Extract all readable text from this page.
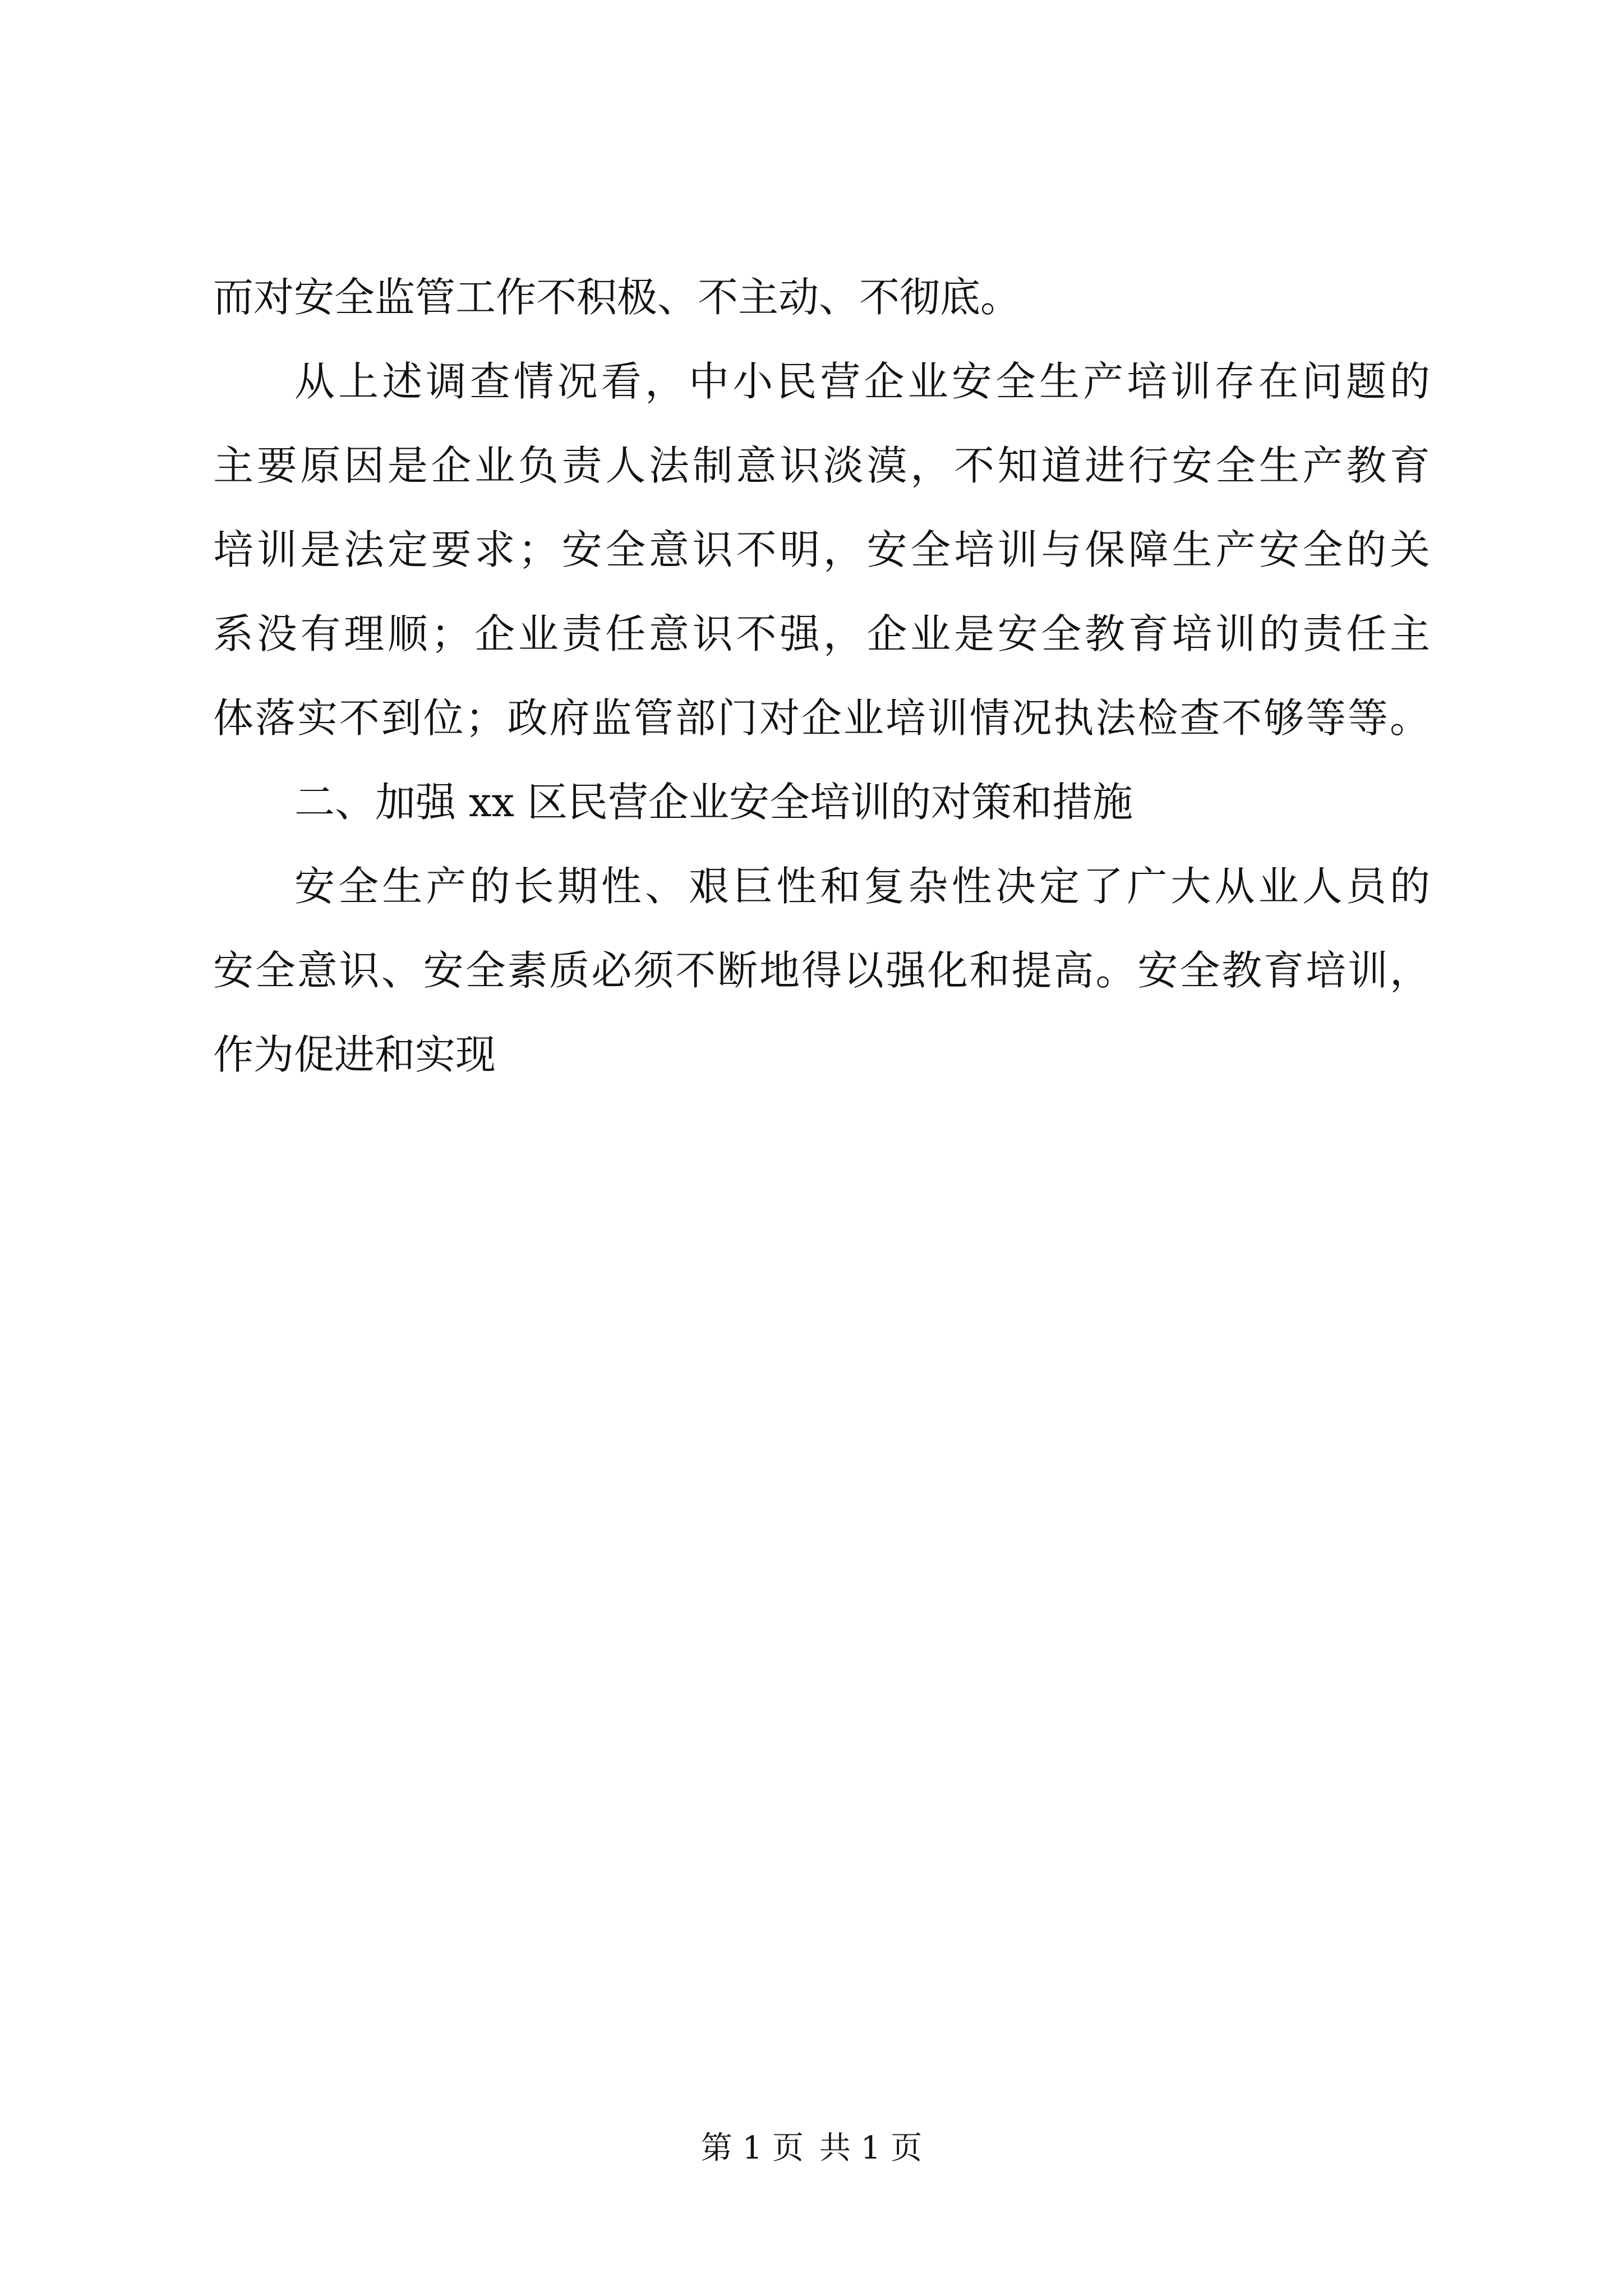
而对安全监管工作不积极、不主动、不彻底。
从上述调查情况看，中小民营企业安全生产培训存在问题的
主要原因是企业负责人法制意识淡漠，不知道进行安全生产教育
培训是法定要求；安全意识不明，安全培训与保障生产安全的关
系没有理顺；企业责任意识不强，企业是安全教育培训的责任主
体落实不到位；政府监管部门对企业培训情况执法检查不够等等。
二、加强 xx 区民营企业安全培训的对策和措施
安全生产的长期性、艰巨性和复杂性决定了广大从业人员的
安全意识、安全素质必须不断地得以强化和提高。安全教育培训，
作为促进和实现
第 1 页 共 1 页
